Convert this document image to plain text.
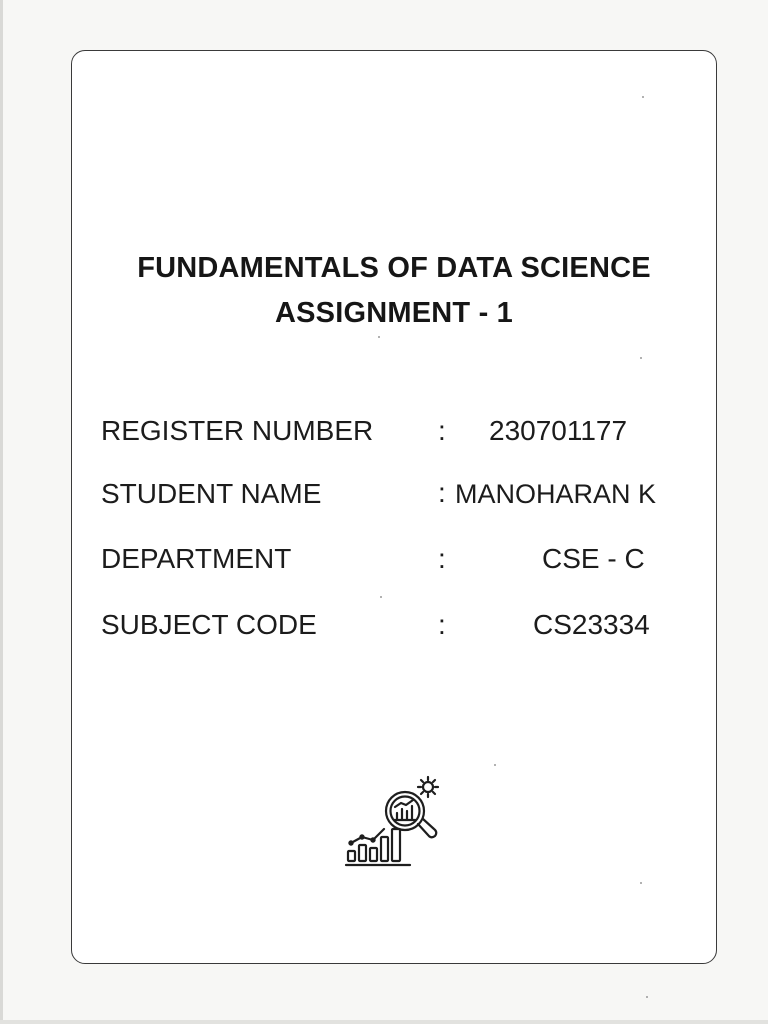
FUNDAMENTALS OF DATA SCIENCE
ASSIGNMENT - 1
REGISTER NUMBER : 230701177
STUDENT NAME	: MANOHARAN K
DEPARTMENT	:	CSE - C
SUBJECT CODE	:	CS23334
